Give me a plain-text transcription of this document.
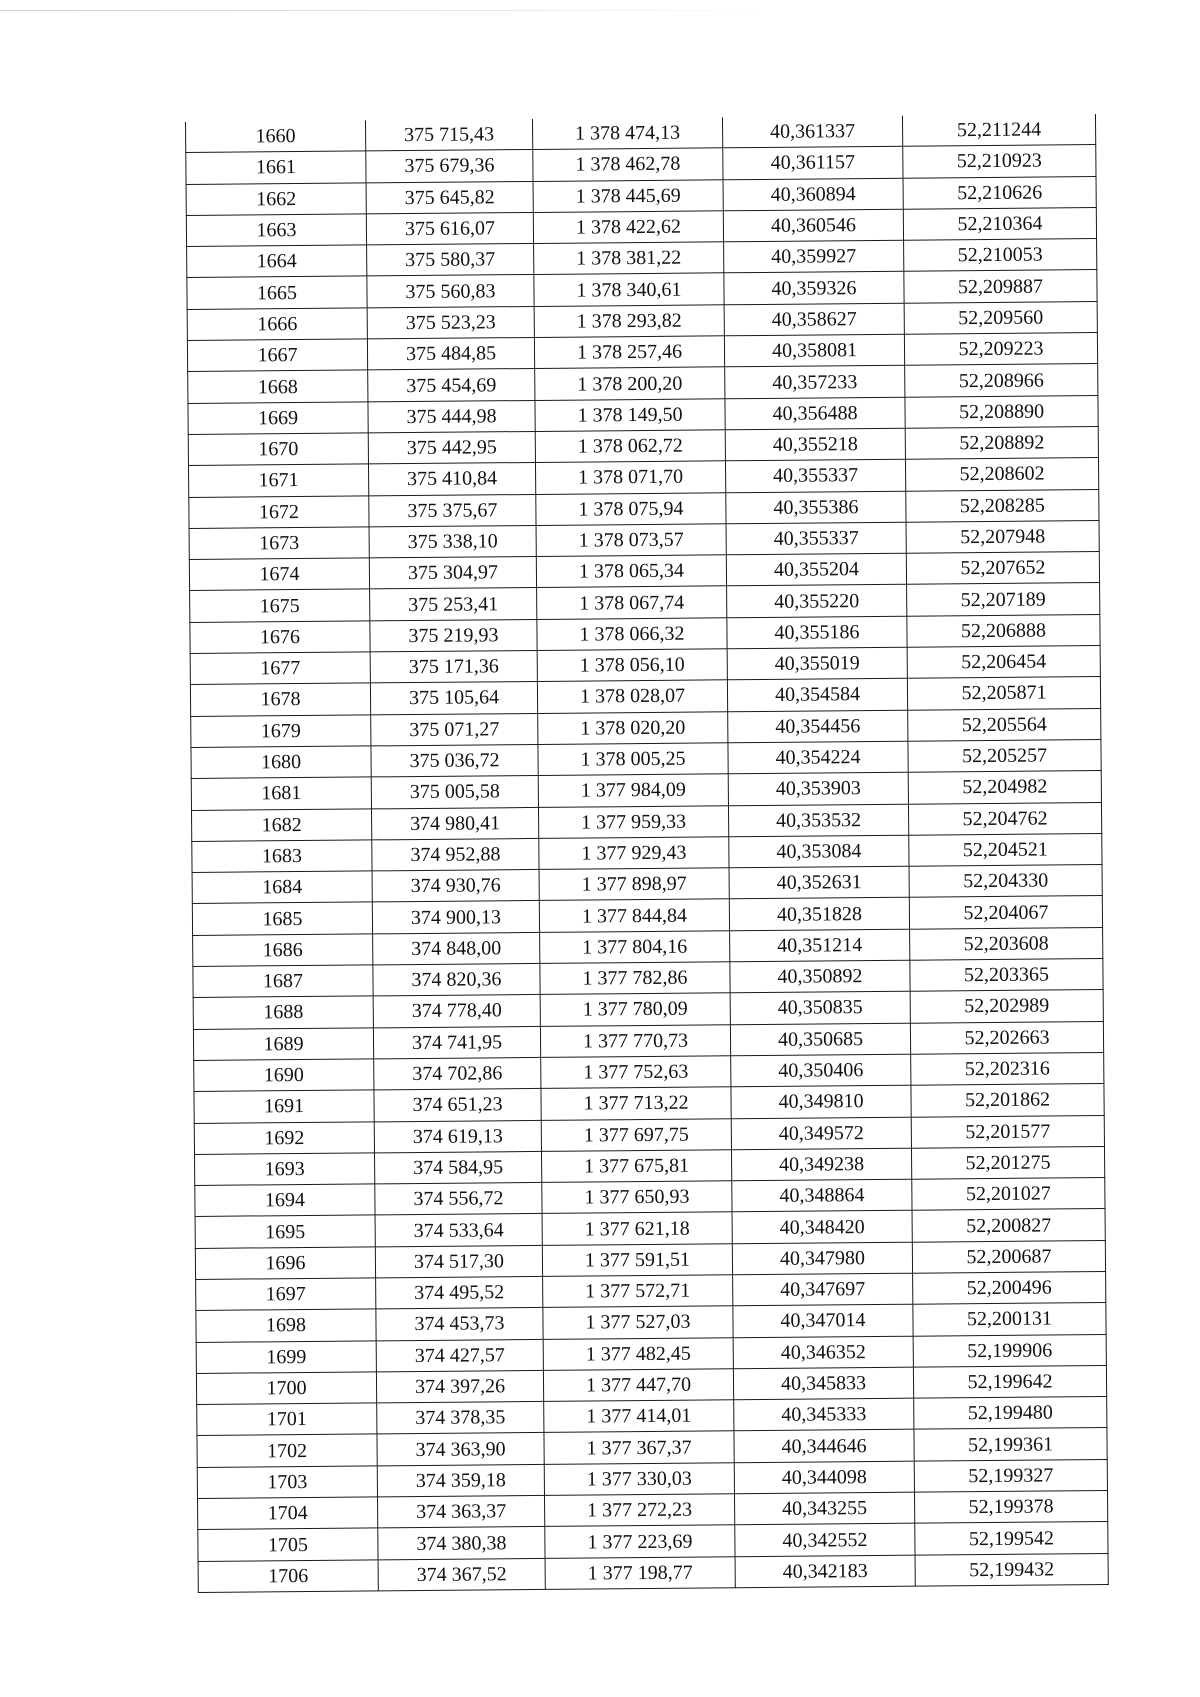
1660	375 715,43	1 378 474,13	40,361337	52,211244
1661	375 679,36	1 378 462,78	40,361157	52,210923
1662	375 645,82	1 378 445,69	40,360894	52,210626
1663	375 616,07	1 378 422,62	40,360546	52,210364
1664	375 580,37	1 378 381,22	40,359927	52,210053
1665	375 560,83	1 378 340,61	40,359326	52,209887
1666	375 523,23	1 378 293,82	40,358627	52,209560
1667	375 484,85	1 378 257,46	40,358081	52,209223
1668	375 454,69	1 378 200,20	40,357233	52,208966
1669	375 444,98	1 378 149,50	40,356488	52,208890
1670	375 442,95	1 378 062,72	40,355218	52,208892
1671	375 410,84	1 378 071,70	40,355337	52,208602
1672	375 375,67	1 378 075,94	40,355386	52,208285
1673	375 338,10	1 378 073,57	40,355337	52,207948
1674	375 304,97	1 378 065,34	40,355204	52,207652
1675	375 253,41	1 378 067,74	40,355220	52,207189
1676	375 219,93	1 378 066,32	40,355186	52,206888
1677	375 171,36	1 378 056,10	40,355019	52,206454
1678	375 105,64	1 378 028,07	40,354584	52,205871
1679	375 071,27	1 378 020,20	40,354456	52,205564
1680	375 036,72	1 378 005,25	40,354224	52,205257
1681	375 005,58	1 377 984,09	40,353903	52,204982
1682	374 980,41	1 377 959,33	40,353532	52,204762
1683	374 952,88	1 377 929,43	40,353084	52,204521
1684	374 930,76	1 377 898,97	40,352631	52,204330
1685	374 900,13	1 377 844,84	40,351828	52,204067
1686	374 848,00	1 377 804,16	40,351214	52,203608
1687	374 820,36	1 377 782,86	40,350892	52,203365
1688	374 778,40	1 377 780,09	40,350835	52,202989
1689	374 741,95	1 377 770,73	40,350685	52,202663
1690	374 702,86	1 377 752,63	40,350406	52,202316
1691	374 651,23	1 377 713,22	40,349810	52,201862
1692	374 619,13	1 377 697,75	40,349572	52,201577
1693	374 584,95	1 377 675,81	40,349238	52,201275
1694	374 556,72	1 377 650,93	40,348864	52,201027
1695	374 533,64	1 377 621,18	40,348420	52,200827
1696	374 517,30	1 377 591,51	40,347980	52,200687
1697	374 495,52	1 377 572,71	40,347697	52,200496
1698	374 453,73	1 377 527,03	40,347014	52,200131
1699	374 427,57	1 377 482,45	40,346352	52,199906
1700	374 397,26	1 377 447,70	40,345833	52,199642
1701	374 378,35	1 377 414,01	40,345333	52,199480
1702	374 363,90	1 377 367,37	40,344646	52,199361
1703	374 359,18	1 377 330,03	40,344098	52,199327
1704	374 363,37	1 377 272,23	40,343255	52,199378
1705	374 380,38	1 377 223,69	40,342552	52,199542
1706	374 367,52	1 377 198,77	40,342183	52,199432
